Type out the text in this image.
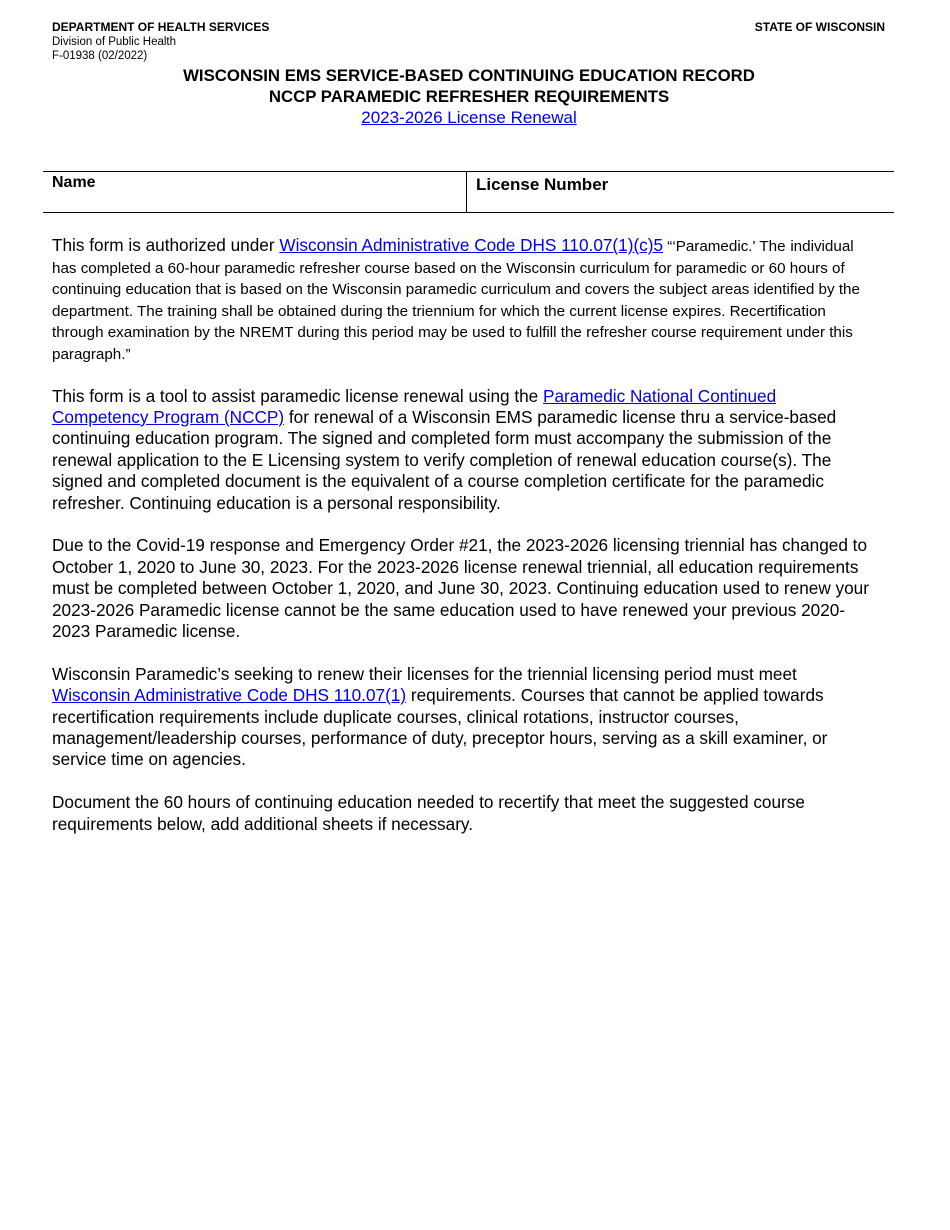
DEPARTMENT OF HEALTH SERVICES
Division of Public Health
F-01938 (02/2022)
STATE OF WISCONSIN
WISCONSIN EMS SERVICE-BASED CONTINUING EDUCATION RECORD
NCCP PARAMEDIC REFRESHER REQUIREMENTS
2023-2026 License Renewal
Name	License Number

This form is authorized under Wisconsin Administrative Code DHS 110.07(1)(c)5 “‘Paramedic.' The individual has completed a 60-hour paramedic refresher course based on the Wisconsin curriculum for paramedic or 60 hours of continuing education that is based on the Wisconsin paramedic curriculum and covers the subject areas identified by the department. The training shall be obtained during the triennium for which the current license expires. Recertification through examination by the NREMT during this period may be used to fulfill the refresher course requirement under this paragraph.”

This form is a tool to assist paramedic license renewal using the Paramedic National Continued Competency Program (NCCP) for renewal of a Wisconsin EMS paramedic license thru a service-based continuing education program. The signed and completed form must accompany the submission of the renewal application to the E Licensing system to verify completion of renewal education course(s). The signed and completed document is the equivalent of a course completion certificate for the paramedic refresher. Continuing education is a personal responsibility.

Due to the Covid-19 response and Emergency Order #21, the 2023-2026 licensing triennial has changed to October 1, 2020 to June 30, 2023. For the 2023-2026 license renewal triennial, all education requirements must be completed between October 1, 2020, and June 30, 2023. Continuing education used to renew your 2023-2026 Paramedic license cannot be the same education used to have renewed your previous 2020-2023 Paramedic license.

Wisconsin Paramedic’s seeking to renew their licenses for the triennial licensing period must meet Wisconsin Administrative Code DHS 110.07(1) requirements. Courses that cannot be applied towards recertification requirements include duplicate courses, clinical rotations, instructor courses, management/leadership courses, performance of duty, preceptor hours, serving as a skill examiner, or service time on agencies.

Document the 60 hours of continuing education needed to recertify that meet the suggested course requirements below, add additional sheets if necessary.
